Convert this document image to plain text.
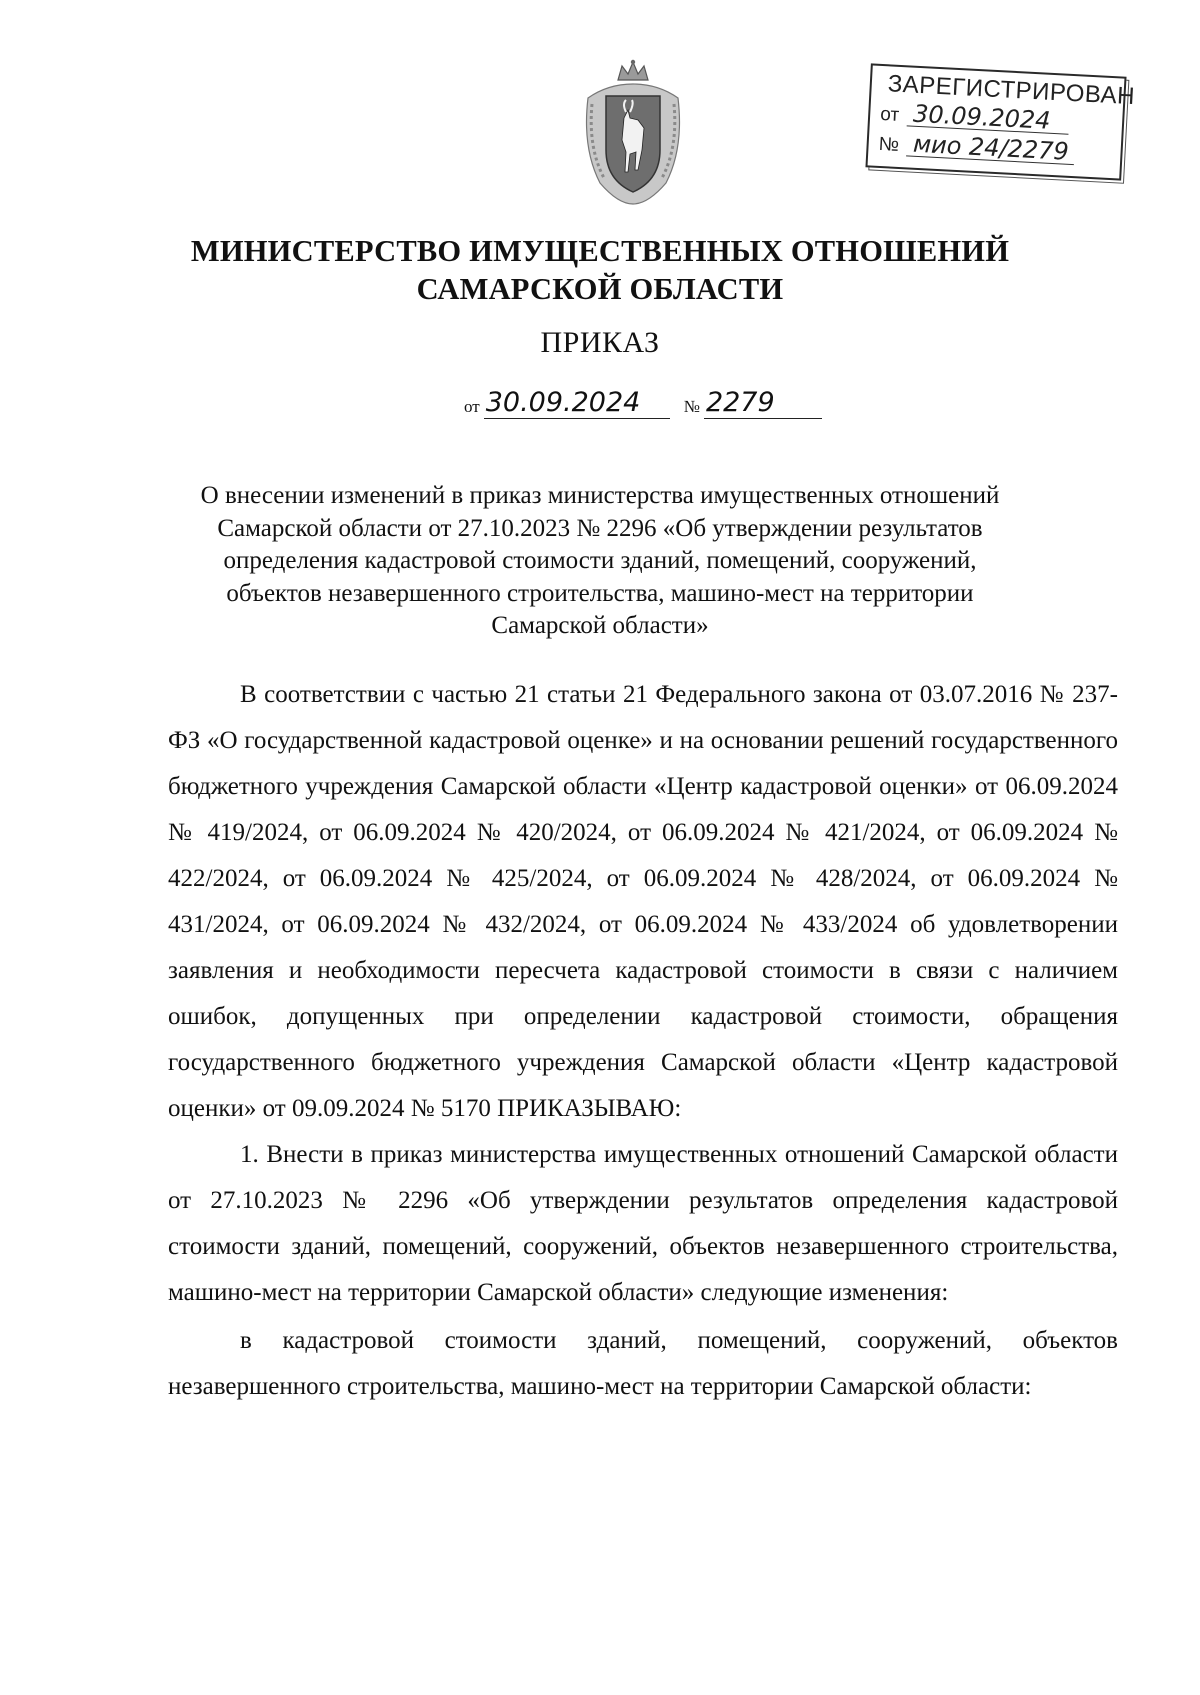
ЗАРЕГИСТРИРОВАН
от 30.09.2024
№ мио 24/2279
МИНИСТЕРСТВО ИМУЩЕСТВЕННЫХ ОТНОШЕНИЙ
САМАРСКОЙ ОБЛАСТИ
ПРИКАЗ
от 30.09.2024	№ 2279
О внесении изменений в приказ министерства имущественных отношений
Самарской области от 27.10.2023 № 2296 «Об утверждении результатов
определения кадастровой стоимости зданий, помещений, сооружений,
объектов незавершенного строительства, машино-мест на территории
Самарской области»

В соответствии с частью 21 статьи 21 Федерального закона от 03.07.2016 № 237-ФЗ «О государственной кадастровой оценке» и на основании решений государственного бюджетного учреждения Самарской области «Центр кадастровой оценки» от 06.09.2024 № 419/2024, от 06.09.2024 № 420/2024, от 06.09.2024 № 421/2024, от 06.09.2024 № 422/2024, от 06.09.2024 № 425/2024, от 06.09.2024 № 428/2024, от 06.09.2024 № 431/2024, от 06.09.2024 № 432/2024, от 06.09.2024 № 433/2024 об удовлетворении заявления и необходимости пересчета кадастровой стоимости в связи с наличием ошибок, допущенных при определении кадастровой стоимости, обращения государственного бюджетного учреждения Самарской области «Центр кадастровой оценки» от 09.09.2024 № 5170 ПРИКАЗЫВАЮ:

1. Внести в приказ министерства имущественных отношений Самарской области от 27.10.2023 № 2296 «Об утверждении результатов определения кадастровой стоимости зданий, помещений, сооружений, объектов незавершенного строительства, машино-мест на территории Самарской области» следующие изменения:

в кадастровой стоимости зданий, помещений, сооружений, объектов незавершенного строительства, машино-мест на территории Самарской области:
